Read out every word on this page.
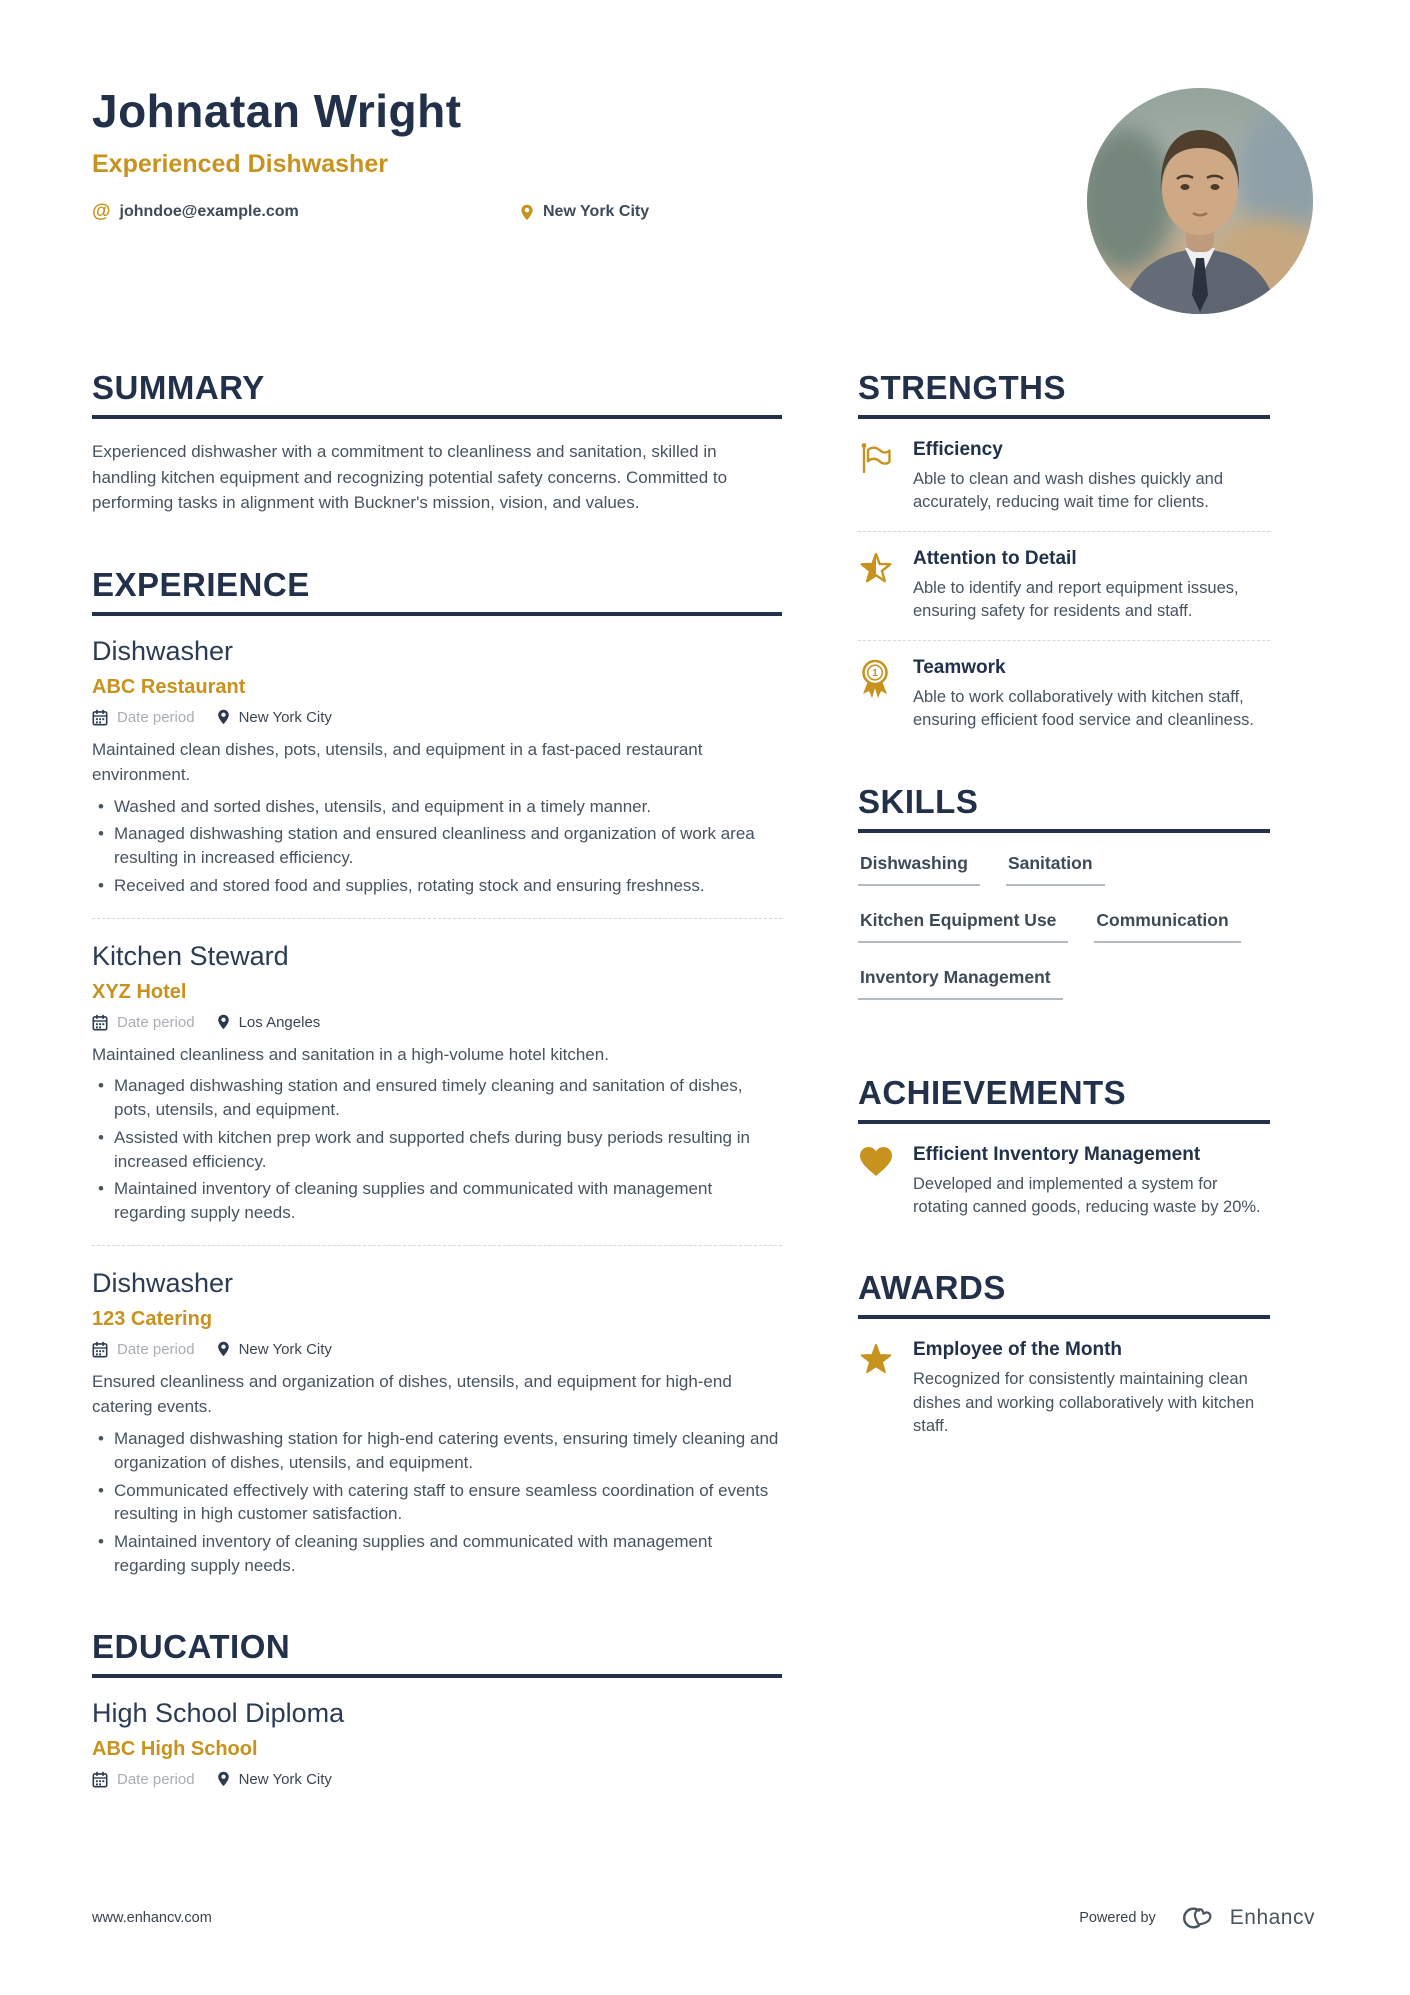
Johnatan Wright
Experienced Dishwasher
@ johndoe@example.com	New York City
SUMMARY

Experienced dishwasher with a commitment to cleanliness and sanitation, skilled in handling kitchen equipment and recognizing potential safety concerns. Committed to performing tasks in alignment with Buckner's mission, vision, and values.

EXPERIENCE
Dishwasher
ABC Restaurant
Date period	New York City

Maintained clean dishes, pots, utensils, and equipment in a fast-paced restaurant environment.

• Washed and sorted dishes, utensils, and equipment in a timely manner.
• Managed dishwashing station and ensured cleanliness and organization of work area resulting in increased efficiency.
• Received and stored food and supplies, rotating stock and ensuring freshness.
Kitchen Steward
XYZ Hotel
Date period	Los Angeles

Maintained cleanliness and sanitation in a high-volume hotel kitchen.

• Managed dishwashing station and ensured timely cleaning and sanitation of dishes, pots, utensils, and equipment.
• Assisted with kitchen prep work and supported chefs during busy periods resulting in increased efficiency.
• Maintained inventory of cleaning supplies and communicated with management regarding supply needs.
Dishwasher
123 Catering
Date period	New York City

Ensured cleanliness and organization of dishes, utensils, and equipment for high-end catering events.

• Managed dishwashing station for high-end catering events, ensuring timely cleaning and organization of dishes, utensils, and equipment.
• Communicated effectively with catering staff to ensure seamless coordination of events resulting in high customer satisfaction.
• Maintained inventory of cleaning supplies and communicated with management regarding supply needs.
EDUCATION
High School Diploma
ABC High School
Date period	New York City
STRENGTHS
Efficiency
Able to clean and wash dishes quickly and accurately, reducing wait time for clients.
Attention to Detail
Able to identify and report equipment issues, ensuring safety for residents and staff.
1 Teamwork
Able to work collaboratively with kitchen staff, ensuring efficient food service and cleanliness.
SKILLS
Dishwashing	Sanitation
Kitchen Equipment Use	Communication
Inventory Management
ACHIEVEMENTS
Efficient Inventory Management
Developed and implemented a system for rotating canned goods, reducing waste by 20%.
AWARDS
Employee of the Month
Recognized for consistently maintaining clean dishes and working collaboratively with kitchen staff.
www.enhancv.com	Powered by	Enhancv
